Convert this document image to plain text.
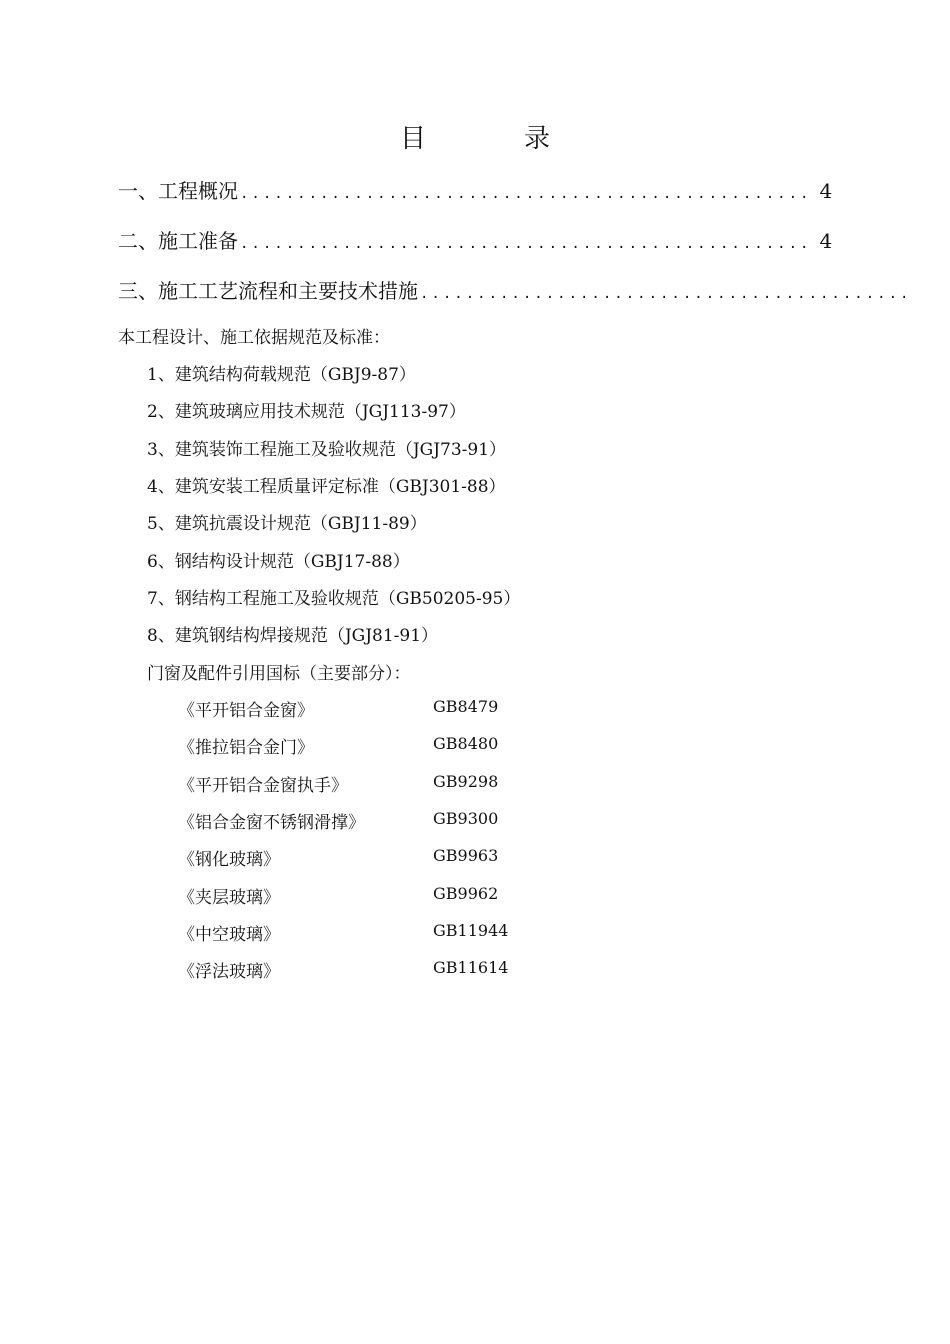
目　录
一、工程概况 .................................................. 4
二、施工准备 .................................................. 4
三、施工工艺流程和主要技术措施 ...........................................
本工程设计、施工依据规范及标准：
1、建筑结构荷载规范（GBJ9-87）
2、建筑玻璃应用技术规范（JGJ113-97）
3、建筑装饰工程施工及验收规范（JGJ73-91）
4、建筑安装工程质量评定标准（GBJ301-88）
5、建筑抗震设计规范（GBJ11-89）
6、钢结构设计规范（GBJ17-88）
7、钢结构工程施工及验收规范（GB50205-95）
8、建筑钢结构焊接规范（JGJ81-91）
门窗及配件引用国标（主要部分）：
《平开铝合金窗》	GB8479
《推拉铝合金门》	GB8480
《平开铝合金窗执手》	GB9298
《铝合金窗不锈钢滑撑》	GB9300
《钢化玻璃》	GB9963
《夹层玻璃》	GB9962
《中空玻璃》	GB11944
《浮法玻璃》	GB11614
